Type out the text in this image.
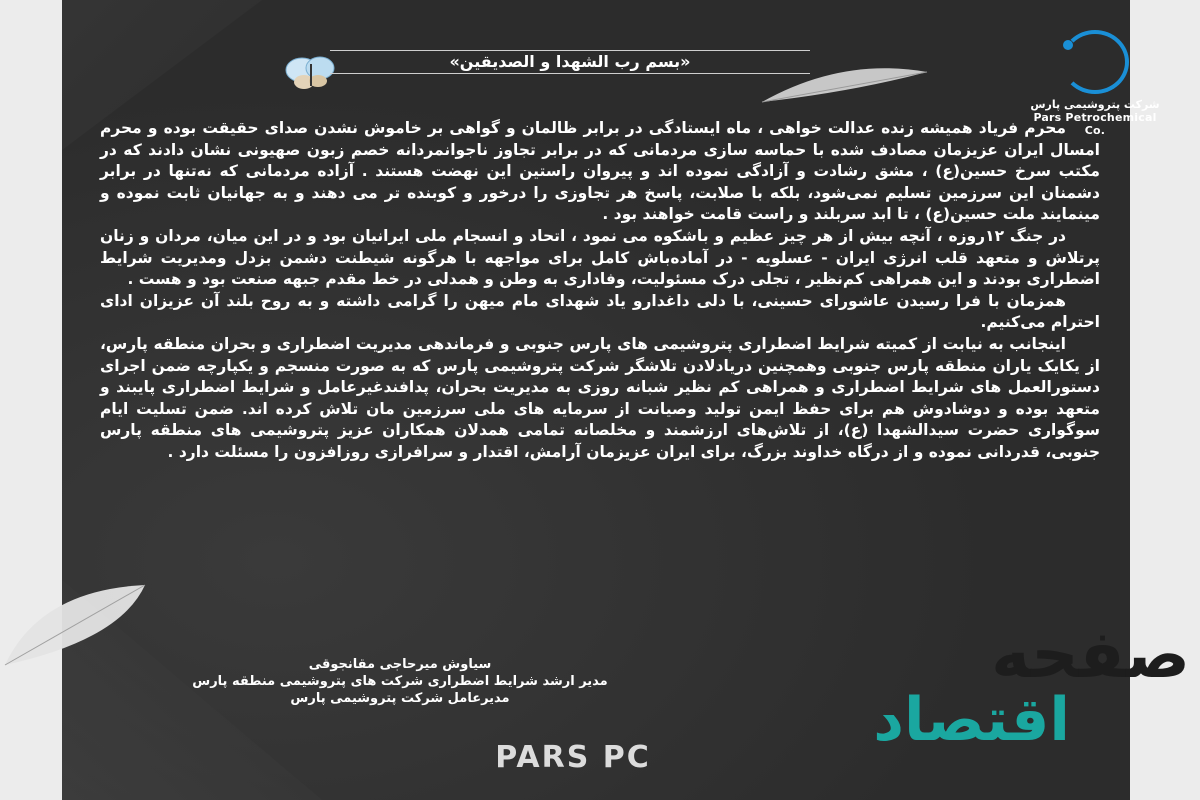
شرکت پتروشیمی پارس
Pars Petrochemical Co.
«بسم رب الشهدا و الصدیقین»

محرم فریاد همیشه زنده عدالت خواهی ، ماه ایستادگی در برابر ظالمان و گواهی بر خاموش نشدن صدای حقیقت بوده و محرم امسال ایران عزیزمان مصادف شده با حماسه سازی مردمانی که در برابر تجاوز ناجوانمردانه خصم زبون صهیونی نشان دادند که در مکتب سرخ حسین(ع) ، مشق رشادت و آزادگی نموده اند و پیروان راستین این نهضت هستند . آزاده مردمانی که نه‌تنها در برابر دشمنان این سرزمین تسلیم نمی‌شود، بلکه با صلابت، پاسخ هر تجاوزی را درخور و کوبنده تر می دهند و به جهانیان ثابت نموده و مینمایند ملت حسین(ع) ، تا ابد سربلند و راست قامت خواهند بود .

در جنگ ۱۲روزه ، آنچه بیش از هر چیز عظیم و باشکوه می نمود ، اتحاد و انسجام ملی ایرانیان بود و در این میان، مردان و زنان پرتلاش و متعهد قلب انرژی ایران - عسلویه - در آماده‌باش کامل برای مواجهه با هرگونه شیطنت دشمن بزدل ومدیریت شرایط اضطراری بودند و این همراهی کم‌نظیر ، تجلی درک مسئولیت، وفاداری به وطن و همدلی در خط مقدم جبهه صنعت بود و هست .

همزمان با فرا رسیدن عاشورای حسینی، با دلی داغدارو یاد شهدای مام میهن را گرامی داشته و به روح بلند آن عزیزان ادای احترام می‌کنیم.

اینجانب به نیابت از کمیته شرایط اضطراری پتروشیمی های پارس جنوبی و فرماندهی مدیریت اضطراری و بحران منطقه پارس، از یکایک یاران منطقه پارس جنوبی وهمچنین دریادلادن تلاشگر شرکت پتروشیمی پارس که به صورت منسجم و یکپارچه ضمن اجرای دستورالعمل های شرایط اضطراری و همراهی کم نظیر شبانه روزی به مدیریت بحران، پدافندغیرعامل و شرایط اضطراری پایبند و متعهد بوده و دوشادوش هم برای حفظ ایمن تولید وصیانت از سرمایه های ملی سرزمین مان تلاش کرده اند. ضمن تسلیت ایام سوگواری حضرت سیدالشهدا (ع)، از تلاش‌های ارزشمند و مخلصانه تمامی همدلان همکاران عزیز پتروشیمی های منطقه پارس جنوبی، قدردانی نموده و از درگاه خداوند بزرگ، برای ایران عزیزمان آرامش، اقتدار و سرافرازی روزافزون را مسئلت دارد .

سیاوش میرحاجی مقانجوقی
مدیر ارشد شرایط اضطراری شرکت های پتروشیمی منطقه پارس
مدیرعامل شرکت پتروشیمی پارس
PARS PC
صفحه
اقتصاد
